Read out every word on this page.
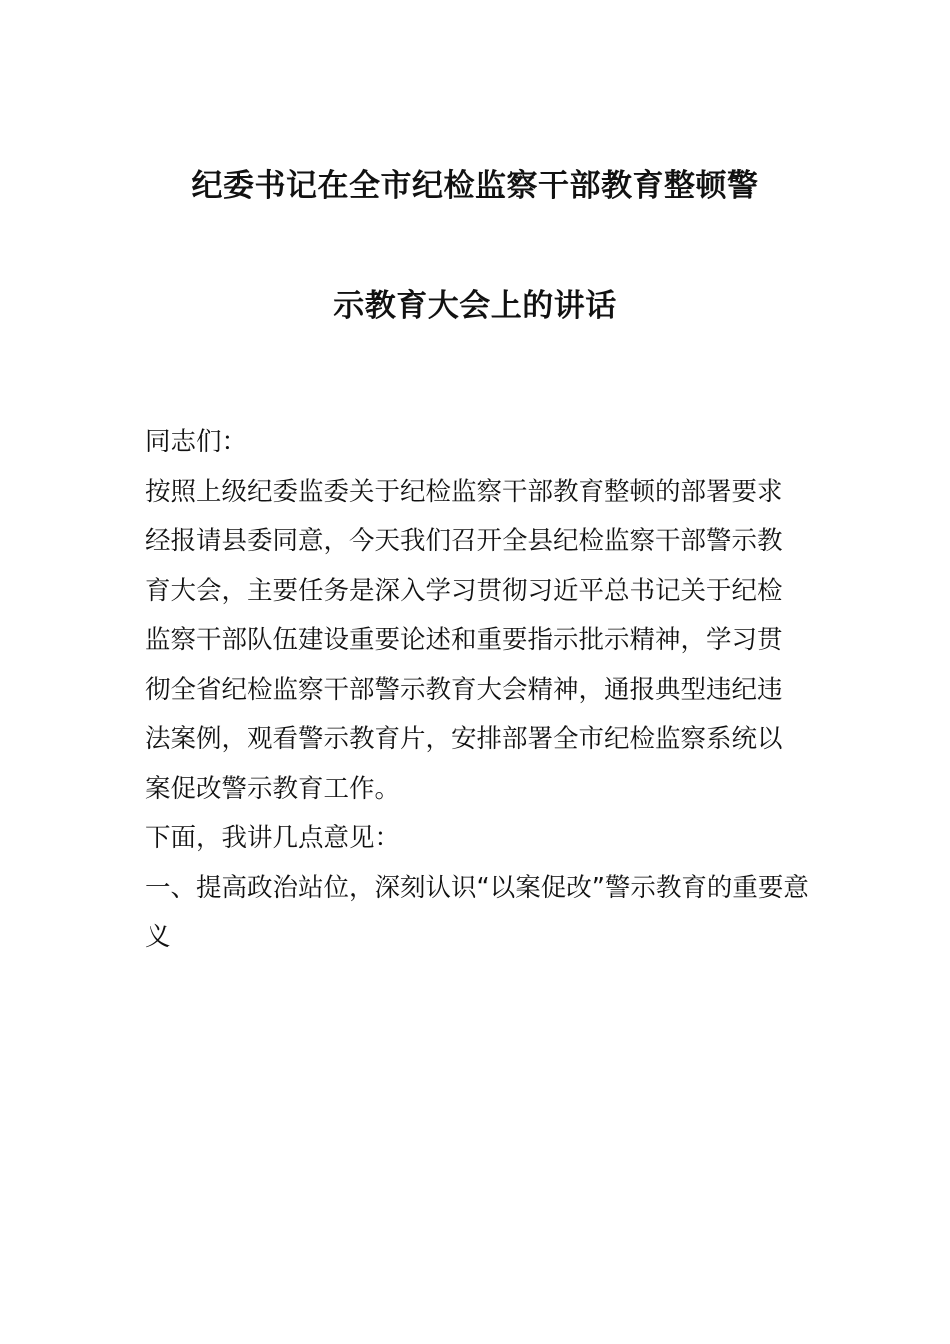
纪委书记在全市纪检监察干部教育整顿警
示教育大会上的讲话
同志们：
按照上级纪委监委关于纪检监察干部教育整顿的部署要求
经报请县委同意，今天我们召开全县纪检监察干部警示教
育大会，主要任务是深入学习贯彻习近平总书记关于纪检
监察干部队伍建设重要论述和重要指示批示精神，学习贯
彻全省纪检监察干部警示教育大会精神，通报典型违纪违
法案例，观看警示教育片，安排部署全市纪检监察系统以
案促改警示教育工作。
下面，我讲几点意见：
一、提高政治站位，深刻认识“以案促改”警示教育的重要意
义
